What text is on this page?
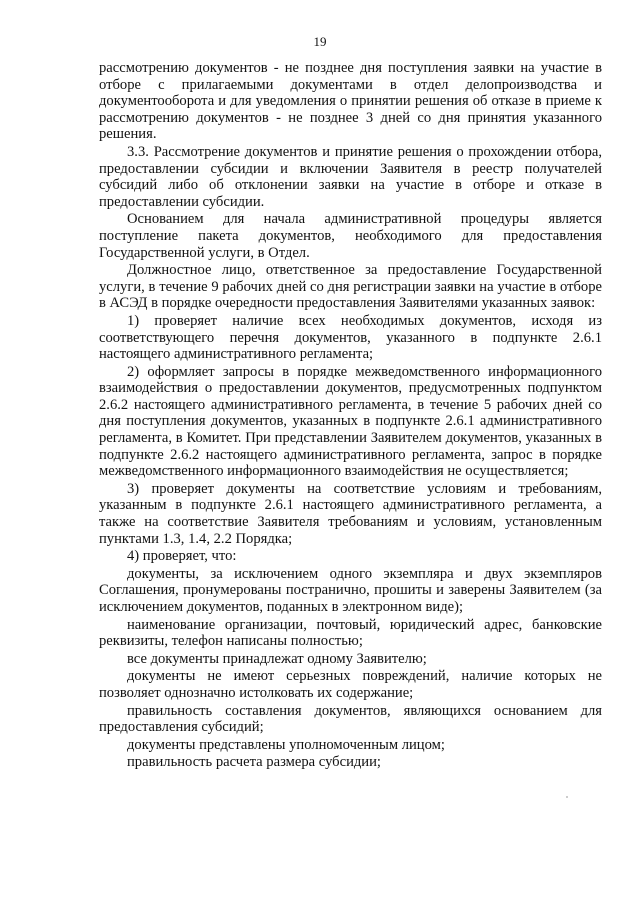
19

рассмотрению документов - не позднее дня поступления заявки на участие в отборе с прилагаемыми документами в отдел делопроизводства и документооборота и для уведомления о принятии решения об отказе в приеме к рассмотрению документов - не позднее 3 дней со дня принятия указанного решения.

3.3. Рассмотрение документов и принятие решения о прохождении отбора, предоставлении субсидии и включении Заявителя в реестр получателей субсидий либо об отклонении заявки на участие в отборе и отказе в предоставлении субсидии.

Основанием для начала административной процедуры является поступление пакета документов, необходимого для предоставления Государственной услуги, в Отдел.

Должностное лицо, ответственное за предоставление Государственной услуги, в течение 9 рабочих дней со дня регистрации заявки на участие в отборе в АСЭД в порядке очередности предоставления Заявителями указанных заявок:

1) проверяет наличие всех необходимых документов, исходя из соответствующего перечня документов, указанного в подпункте 2.6.1 настоящего административного регламента;

2) оформляет запросы в порядке межведомственного информационного взаимодействия о предоставлении документов, предусмотренных подпунктом 2.6.2 настоящего административного регламента, в течение 5 рабочих дней со дня поступления документов, указанных в подпункте 2.6.1 административного регламента, в Комитет. При представлении Заявителем документов, указанных в подпункте 2.6.2 настоящего административного регламента, запрос в порядке межведомственного информационного взаимодействия не осуществляется;

3) проверяет документы на соответствие условиям и требованиям, указанным в подпункте 2.6.1 настоящего административного регламента, а также на соответствие Заявителя требованиям и условиям, установленным пунктами 1.3, 1.4, 2.2 Порядка;

4) проверяет, что:

документы, за исключением одного экземпляра и двух экземпляров Соглашения, пронумерованы постранично, прошиты и заверены Заявителем (за исключением документов, поданных в электронном виде);

наименование организации, почтовый, юридический адрес, банковские реквизиты, телефон написаны полностью;

все документы принадлежат одному Заявителю;

документы не имеют серьезных повреждений, наличие которых не позволяет однозначно истолковать их содержание;

правильность составления документов, являющихся основанием для предоставления субсидий;

документы представлены уполномоченным лицом;

правильность расчета размера субсидии;
